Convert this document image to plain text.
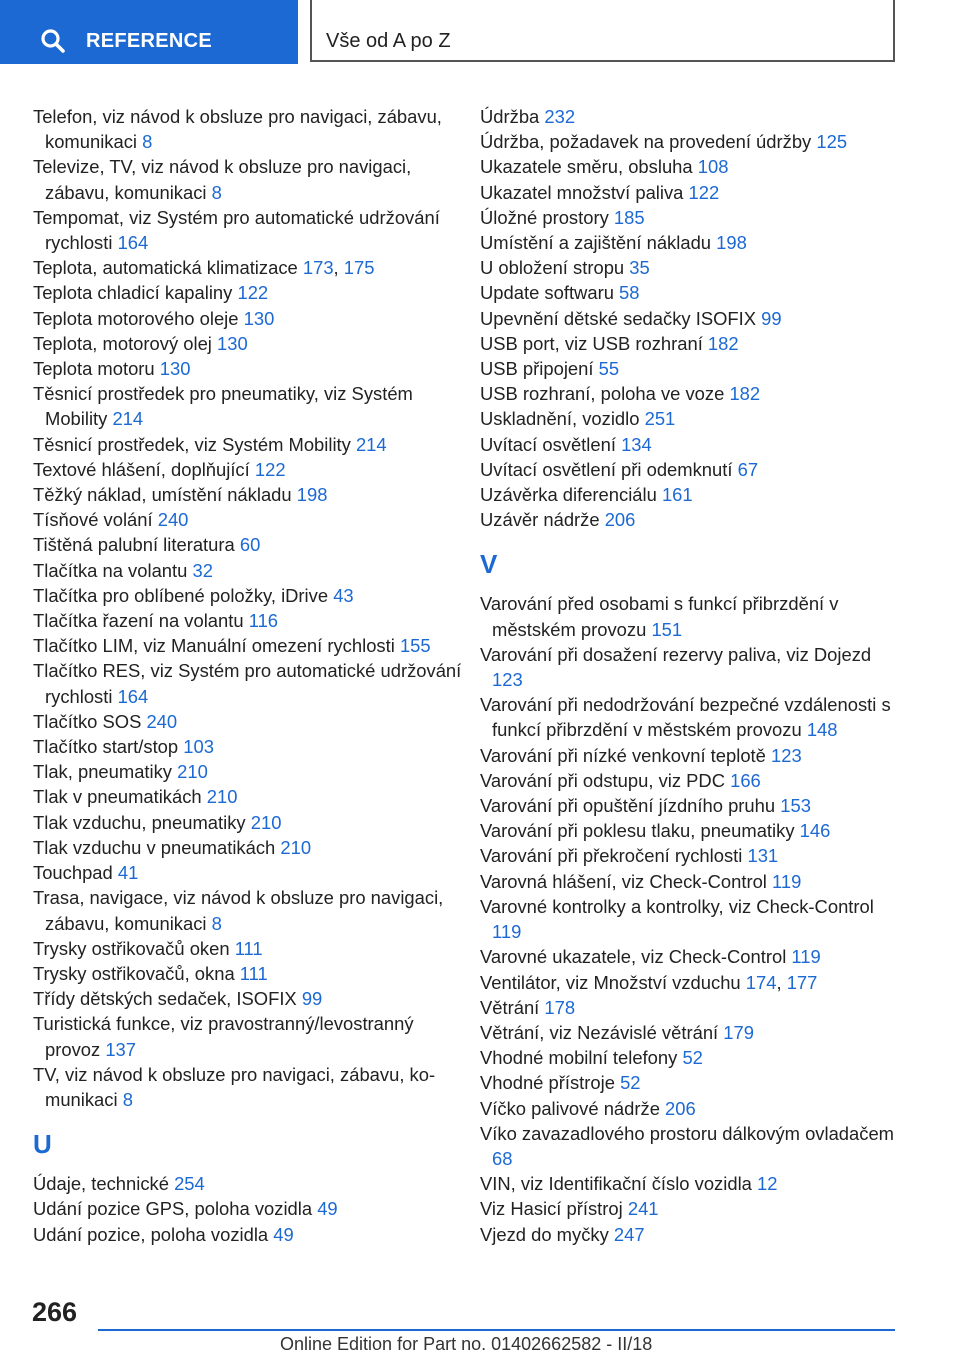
REFERENCE	Vše od A po Z
Telefon, viz návod k obsluze pro navigaci, zábavu, komunikaci 8
Televize, TV, viz návod k obsluze pro navigaci, zábavu, komunikaci 8
Tempomat, viz Systém pro automatické udržování rychlosti 164
Teplota, automatická klimatizace 173, 175
Teplota chladicí kapaliny 122
Teplota motorového oleje 130
Teplota, motorový olej 130
Teplota motoru 130
Těsnicí prostředek pro pneumatiky, viz Systém Mobility 214
Těsnicí prostředek, viz Systém Mobility 214
Textové hlášení, doplňující 122
Těžký náklad, umístění nákladu 198
Tísňové volání 240
Tištěná palubní literatura 60
Tlačítka na volantu 32
Tlačítka pro oblíbené položky, iDrive 43
Tlačítka řazení na volantu 116
Tlačítko LIM, viz Manuální omezení rychlosti 155
Tlačítko RES, viz Systém pro automatické udržování rychlosti 164
Tlačítko SOS 240
Tlačítko start/stop 103
Tlak, pneumatiky 210
Tlak v pneumatikách 210
Tlak vzduchu, pneumatiky 210
Tlak vzduchu v pneumatikách 210
Touchpad 41
Trasa, navigace, viz návod k obsluze pro navigaci, zábavu, komunikaci 8
Trysky ostřikovačů oken 111
Trysky ostřikovačů, okna 111
Třídy dětských sedaček, ISOFIX 99
Turistická funkce, viz pravostranný/levostranný provoz 137
TV, viz návod k obsluze pro navigaci, zábavu, komunikaci 8
U
Údaje, technické 254
Udání pozice GPS, poloha vozidla 49
Udání pozice, poloha vozidla 49
Údržba 232
Údržba, požadavek na provedení údržby 125
Ukazatele směru, obsluha 108
Ukazatel množství paliva 122
Úložné prostory 185
Umístění a zajištění nákladu 198
U obložení stropu 35
Update softwaru 58
Upevnění dětské sedačky ISOFIX 99
USB port, viz USB rozhraní 182
USB připojení 55
USB rozhraní, poloha ve voze 182
Uskladnění, vozidlo 251
Uvítací osvětlení 134
Uvítací osvětlení při odemknutí 67
Uzávěrka diferenciálu 161
Uzávěr nádrže 206
V
Varování před osobami s funkcí přibrzdění v městském provozu 151
Varování při dosažení rezervy paliva, viz Dojezd 123
Varování při nedodržování bezpečné vzdálenosti s funkcí přibrzdění v městském provozu 148
Varování při nízké venkovní teplotě 123
Varování při odstupu, viz PDC 166
Varování při opuštění jízdního pruhu 153
Varování při poklesu tlaku, pneumatiky 146
Varování při překročení rychlosti 131
Varovná hlášení, viz Check-Control 119
Varovné kontrolky a kontrolky, viz Check-Control 119
Varovné ukazatele, viz Check-Control 119
Ventilátor, viz Množství vzduchu 174, 177
Větrání 178
Větrání, viz Nezávislé větrání 179
Vhodné mobilní telefony 52
Vhodné přístroje 52
Víčko palivové nádrže 206
Víko zavazadlového prostoru dálkovým ovladačem 68
VIN, viz Identifikační číslo vozidla 12
Viz Hasicí přístroj 241
Vjezd do myčky 247
266
Online Edition for Part no. 01402662582 - II/18
